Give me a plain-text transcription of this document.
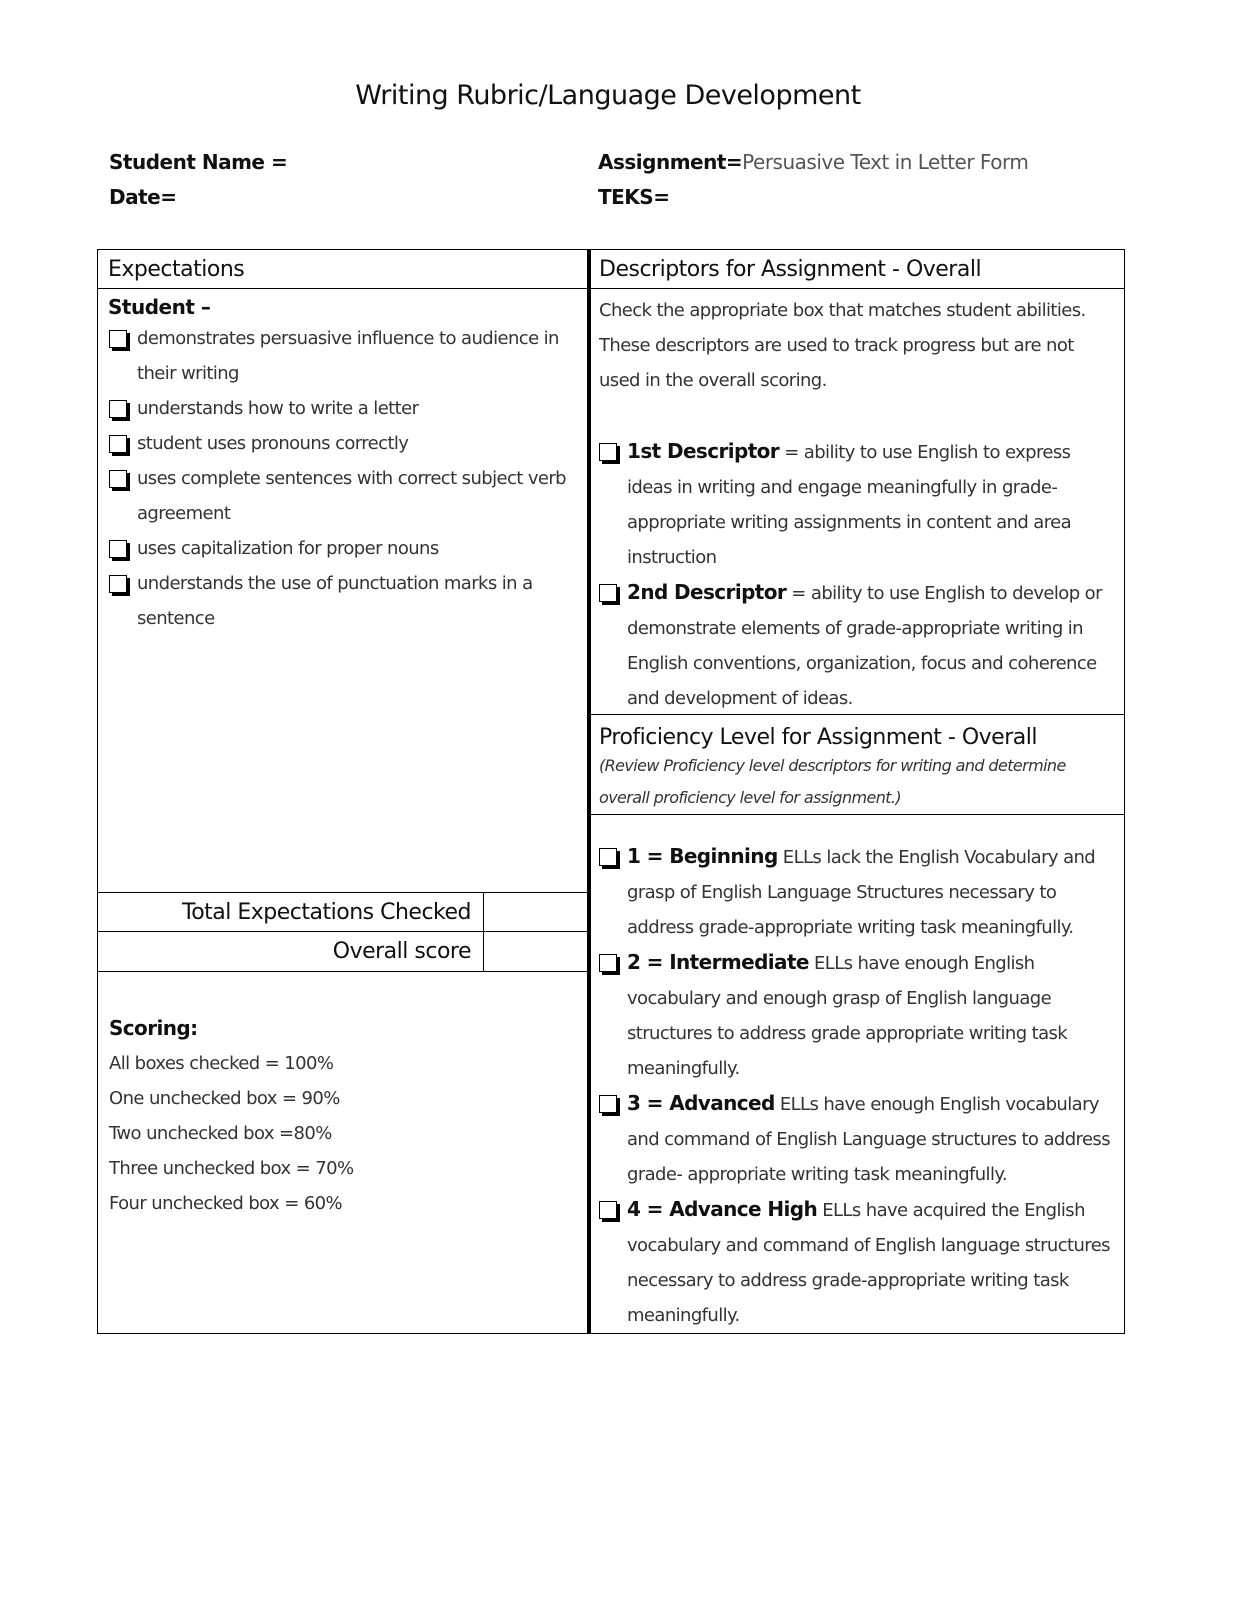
Writing Rubric/Language Development
Student Name =
Date=
Assignment=Persuasive Text in Letter Form
TEKS=
Expectations
Student –
demonstrates persuasive influence to audience in their writing
understands how to write a letter
student uses pronouns correctly
uses complete sentences with correct subject verb agreement
uses capitalization for proper nouns
understands the use of punctuation marks in a sentence
Total Expectations Checked
Overall score
Scoring:
All boxes checked = 100%
One unchecked box = 90%
Two unchecked box =80%
Three unchecked box = 70%
Four unchecked box = 60%
Descriptors for Assignment - Overall
Check the appropriate box that matches student abilities. These descriptors are used to track progress but are not used in the overall scoring.
1st Descriptor = ability to use English to express ideas in writing and engage meaningfully in grade-appropriate writing assignments in content and area instruction
2nd Descriptor = ability to use English to develop or demonstrate elements of grade-appropriate writing in English conventions, organization, focus and coherence and development of ideas.
Proficiency Level for Assignment - Overall
(Review Proficiency level descriptors for writing and determine overall proficiency level for assignment.)
1 = Beginning ELLs lack the English Vocabulary and grasp of English Language Structures necessary to address grade-appropriate writing task meaningfully.
2 = Intermediate ELLs have enough English vocabulary and enough grasp of English language structures to address grade appropriate writing task meaningfully.
3 = Advanced ELLs have enough English vocabulary and command of English Language structures to address grade- appropriate writing task meaningfully.
4 = Advance High ELLs have acquired the English vocabulary and command of English language structures necessary to address grade-appropriate writing task meaningfully.
